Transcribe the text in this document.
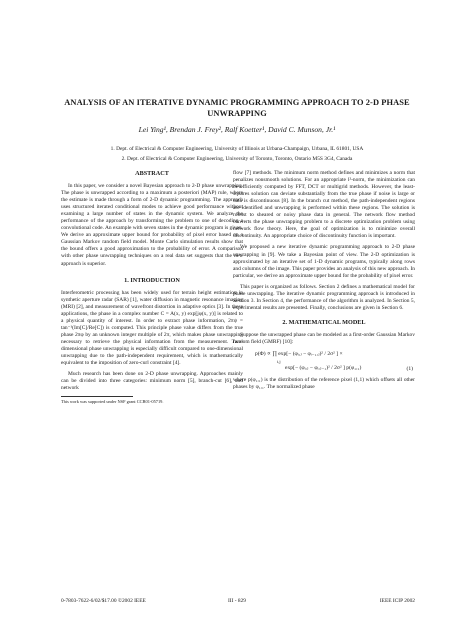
ANALYSIS OF AN ITERATIVE DYNAMIC PROGRAMMING APPROACH TO 2-D PHASE UNWRAPPING
Lei Ying¹, Brendan J. Frey², Ralf Koetter¹, David C. Munson, Jr.¹
1. Dept. of Electrical & Computer Engineering, University of Illinois at Urbana-Champaign, Urbana, IL 61801, USA
2. Dept. of Electrical & Computer Engineering, University of Toronto, Toronto, Ontario M5S 3G4, Canada
ABSTRACT

In this paper, we consider a novel Bayesian approach to 2-D phase unwrapping. The phase is unwrapped according to a maximum a posteriori (MAP) rule, where the estimate is made through a form of 2-D dynamic programming. The approach uses structured iterated conditional modes to achieve good performance without examining a large number of states in the dynamic system. We analyze the performance of the approach by transforming the problem to one of decoding a convolutional code. An example with seven states in the dynamic program is given. We derive an approximate upper bound for probability of pixel error based on a Gaussian Markov random field model. Monte Carlo simulation results show that the bound offers a good approximation to the probability of error. A comparison with other phase unwrapping techniques on a real data set suggests that the new approach is superior.

1. INTRODUCTION

Interferometric processing has been widely used for terrain height estimation in synthetic aperture radar (SAR) [1], water diffusion in magnetic resonance imaging (MRI) [2], and measurement of wavefront distortion in adaptive optics [3]. In these applications, the phase in a complex number C = A(x, y) exp[jφ(x, y)] is related to a physical quantity of interest. In order to extract phase information, 2πψ = tan⁻¹(Im[C]/Re[C]) is computed. This principle phase value differs from the true phase 2πφ by an unknown integer multiple of 2π, which makes phase unwrapping necessary to retrieve the physical information from the measurement. Two-dimensional phase unwrapping is especially difficult compared to one-dimensional unwrapping due to the path-independent requirement, which is mathematically equivalent to the imposition of zero-curl constraint [4].

Much research has been done on 2-D phase unwrapping. Approaches mainly can be divided into three categories: minimum norm [5], branch-cut [6], and network

This work was supported under NSF grant CCR01-05719.

flow [7] methods. The minimum norm method defines and minimizes a norm that penalizes nonsmooth solutions. For an appropriate l²-norm, the minimization can be efficiently computed by FFT, DCT or multigrid methods. However, the least-squares solution can deviate substantially from the true phase if noise is large or data is discontinuous [8]. In the branch cut method, the path-independent regions are identified and unwrapping is performed within these regions. The solution is robust to sheared or noisy phase data in general. The network flow method converts the phase unwrapping problem to a discrete optimization problem using network flow theory. Here, the goal of optimization is to minimize overall discontinuity. An appropriate choice of discontinuity function is important.

We proposed a new iterative dynamic programming approach to 2-D phase unwrapping in [9]. We take a Bayesian point of view. The 2-D optimization is approximated by an iterative set of 1-D dynamic programs, typically along rows and columns of the image. This paper provides an analysis of this new approach. In particular, we derive an approximate upper bound for the probability of pixel error.

This paper is organized as follows. Section 2 defines a mathematical model for phase unwrapping. The iterative dynamic programming approach is introduced in Section 3. In Section 4, the performance of the algorithm is analyzed. In Section 5, experimental results are presented. Finally, conclusions are given in Section 6.

2. MATHEMATICAL MODEL

Suppose the unwrapped phase can be modeled as a first-order Gaussian Markov random field (GMRF) [10]:

p(Φ) ∝ ∏ exp[− (φᵢ,ⱼ − φᵢ₋₁,ⱼ)² / 2σ² ] ×
i,j
exp[− (φᵢ,ⱼ − φᵢ,ⱼ₋₁)² / 2σ² ] p(φ₁,₁)	(1)

where p(φ₁,₁) is the distribution of the reference pixel (1,1) which offsets all other phases by φ₁,₁. The normalized phase

0-7803-7622-6/02/$17.00 ©2002 IEEE	III - 829	IEEE ICIP 2002
